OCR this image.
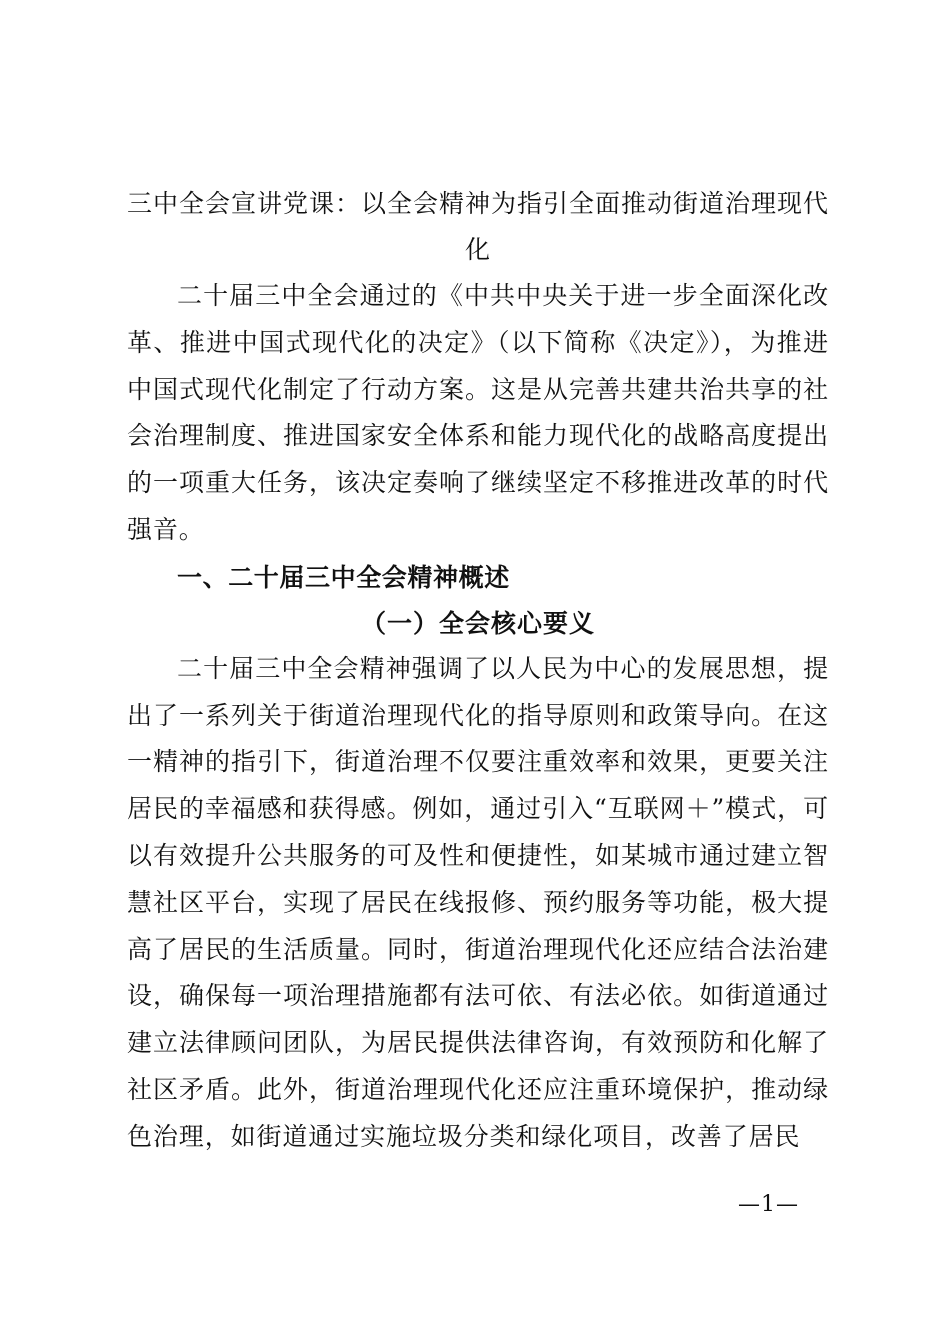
三中全会宣讲党课：以全会精神为指引全面推动街道治理现代化

二十届三中全会通过的《中共中央关于进一步全面深化改革、推进中国式现代化的决定》（以下简称《决定》），为推进中国式现代化制定了行动方案。这是从完善共建共治共享的社会治理制度、推进国家安全体系和能力现代化的战略高度提出的一项重大任务，该决定奏响了继续坚定不移推进改革的时代强音。

一、二十届三中全会精神概述
（一）全会核心要义

二十届三中全会精神强调了以人民为中心的发展思想，提出了一系列关于街道治理现代化的指导原则和政策导向。在这一精神的指引下，街道治理不仅要注重效率和效果，更要关注居民的幸福感和获得感。例如，通过引入“互联网＋”模式，可以有效提升公共服务的可及性和便捷性，如某城市通过建立智慧社区平台，实现了居民在线报修、预约服务等功能，极大提高了居民的生活质量。同时，街道治理现代化还应结合法治建设，确保每一项治理措施都有法可依、有法必依。如街道通过建立法律顾问团队，为居民提供法律咨询，有效预防和化解了社区矛盾。此外，街道治理现代化还应注重环境保护，推动绿色治理，如街道通过实施垃圾分类和绿化项目，改善了居民

—1—
